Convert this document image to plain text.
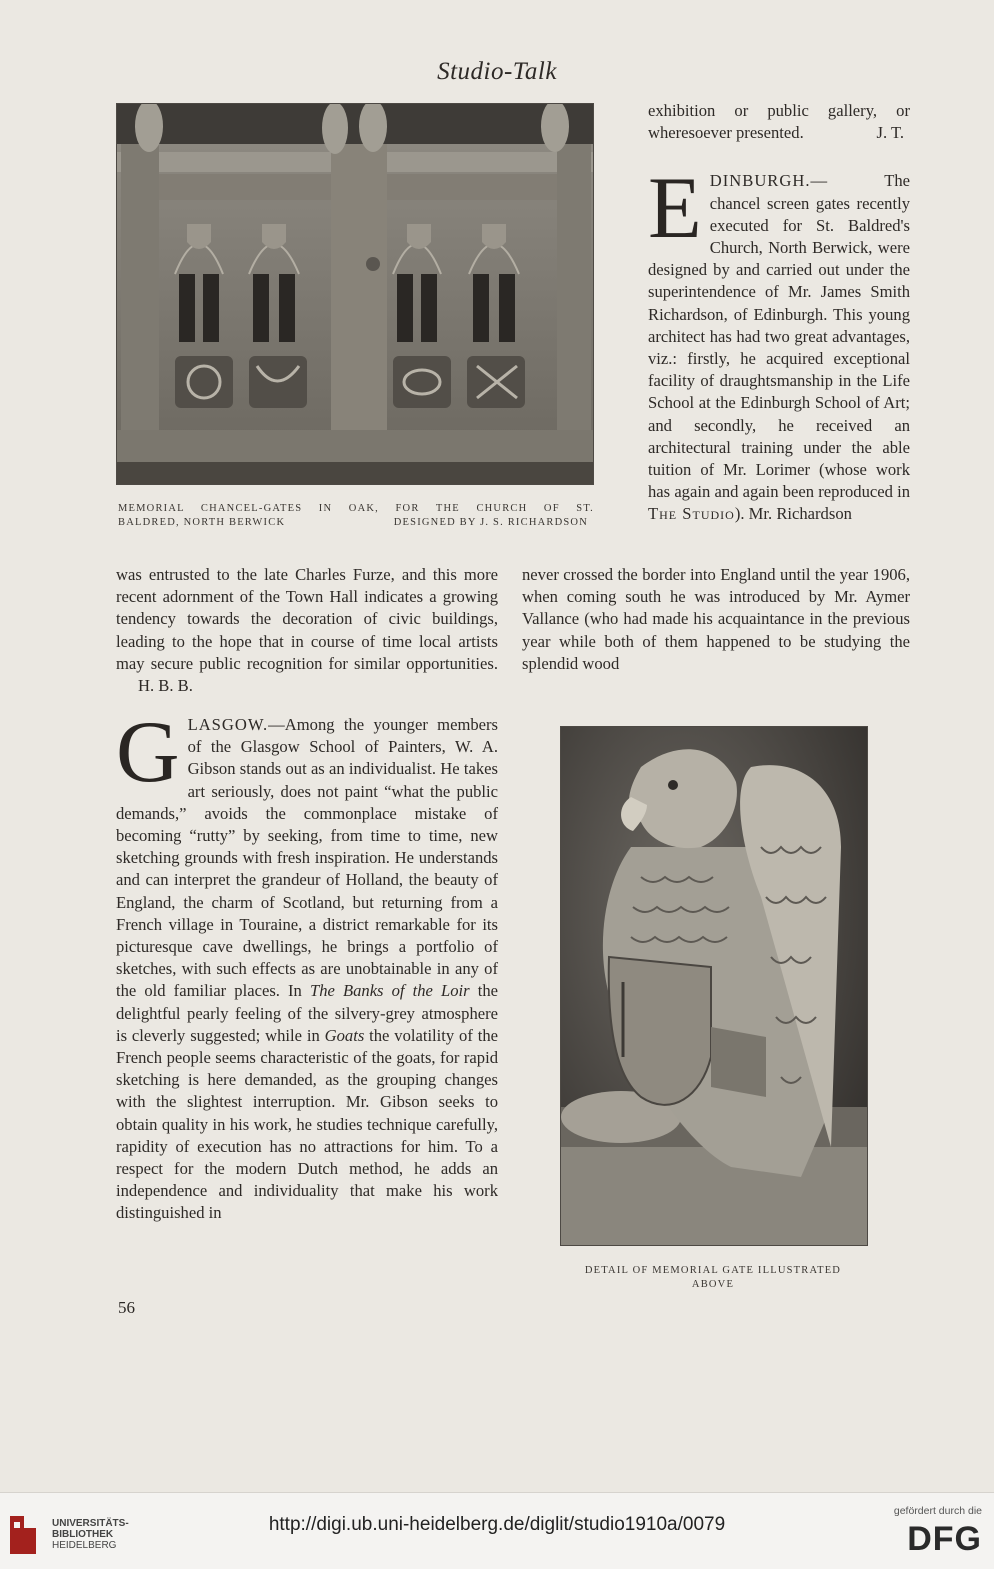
Studio-Talk
MEMORIAL CHANCEL-GATES IN OAK, FOR THE CHURCH OF ST.
BALDRED, NORTH BERWICK	DESIGNED BY J. S. RICHARDSON

exhibition or public gallery, or wheresoever presented.	J. T.

EDINBURGH.— The chancel screen gates recently executed for St. Baldred's Church, North Berwick, were designed by and carried out under the superintendence of Mr. James Smith Richardson, of Edinburgh. This young architect has had two great advantages, viz.: firstly, he acquired exceptional facility of draughtsmanship in the Life School at the Edinburgh School of Art; and secondly, he received an architectural training under the able tuition of Mr. Lorimer (whose work has again and again been reproduced in The Studio). Mr. Richardson

was entrusted to the late Charles Furze, and this more recent adornment of the Town Hall indicates a growing tendency towards the decoration of civic buildings, leading to the hope that in course of time local artists may secure public recognition for similar opportunities. H. B. B.

never crossed the border into England until the year 1906, when coming south he was introduced by Mr. Aymer Vallance (who had made his acquaintance in the previous year while both of them happened to be studying the splendid wood

GLASGOW.—Among the younger members of the Glasgow School of Painters, W. A. Gibson stands out as an individualist. He takes art seriously, does not paint “what the public demands,” avoids the commonplace mistake of becoming “rutty” by seeking, from time to time, new sketching grounds with fresh inspiration. He understands and can interpret the grandeur of Holland, the beauty of England, the charm of Scotland, but returning from a French village in Touraine, a district remarkable for its picturesque cave dwellings, he brings a portfolio of sketches, with such effects as are unobtainable in any of the old familiar places. In The Banks of the Loir the delightful pearly feeling of the silvery-grey atmosphere is cleverly suggested; while in Goats the volatility of the French people seems characteristic of the goats, for rapid sketching is here demanded, as the grouping changes with the slightest interruption. Mr. Gibson seeks to obtain quality in his work, he studies technique carefully, rapidity of execution has no attractions for him. To a respect for the modern Dutch method, he adds an independence and individuality that make his work distinguished in

DETAIL OF MEMORIAL GATE ILLUSTRATED
ABOVE
56
UNIVERSITÄTS-
BIBLIOTHEK
HEIDELBERG
http://digi.ub.uni-heidelberg.de/diglit/studio1910a/0079
gefördert durch die
DFG
